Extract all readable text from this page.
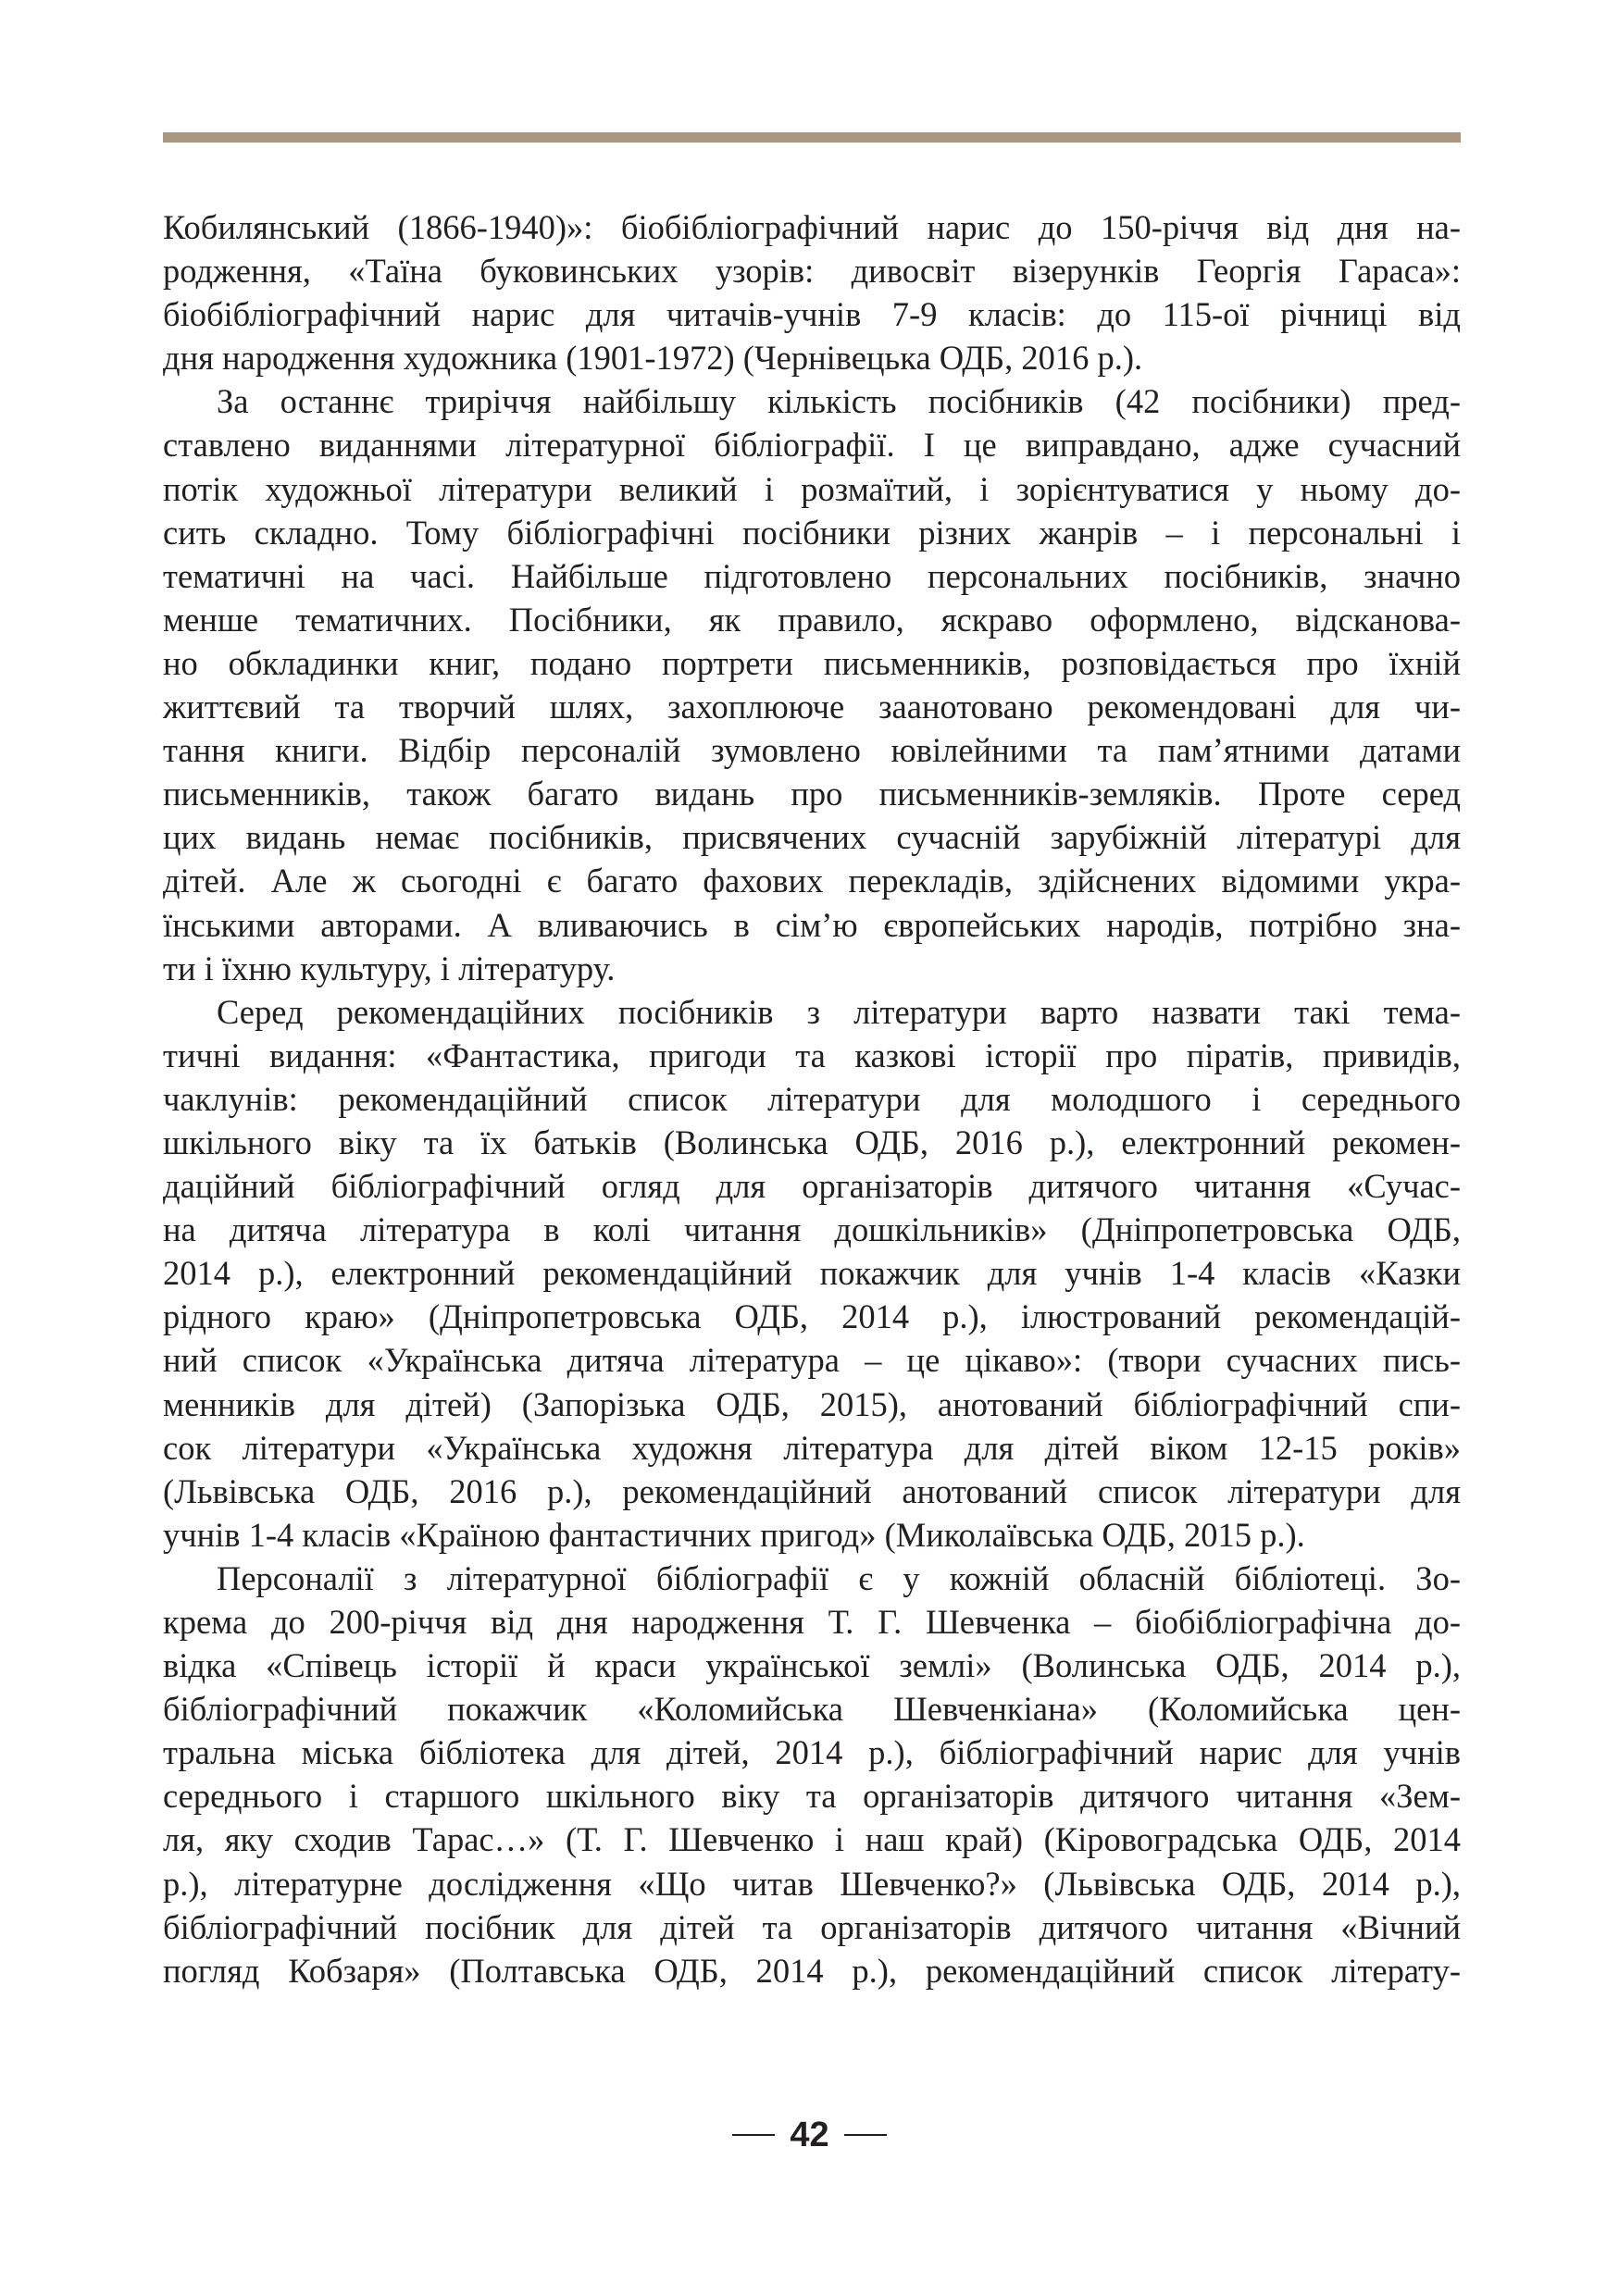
Кобилянський (1866-1940)»: біобібліографічний нарис до 150-річчя від дня на-
родження, «Таїна буковинських узорів: дивосвіт візерунків Георгія Гараса»:
біобібліографічний нарис для читачів-учнів 7-9 класів: до 115-ої річниці від
дня народження художника (1901-1972) (Чернівецька ОДБ, 2016 р.).
За останнє триріччя найбільшу кількість посібників (42 посібники) пред-
ставлено виданнями літературної бібліографії. І це виправдано, адже сучасний
потік художньої літератури великий і розмаїтий, і зорієнтуватися у ньому до-
сить складно. Тому бібліографічні посібники різних жанрів – і персональні і
тематичні на часі. Найбільше підготовлено персональних посібників, значно
менше тематичних. Посібники, як правило, яскраво оформлено, відсканова-
но обкладинки книг, подано портрети письменників, розповідається про їхній
життєвий та творчий шлях, захоплююче заанотовано рекомендовані для чи-
тання книги. Відбір персоналій зумовлено ювілейними та пам’ятними датами
письменників, також багато видань про письменників-земляків. Проте серед
цих видань немає посібників, присвячених сучасній зарубіжній літературі для
дітей. Але ж сьогодні є багато фахових перекладів, здійснених відомими укра-
їнськими авторами. А вливаючись в сім’ю європейських народів, потрібно зна-
ти і їхню культуру, і літературу.
Серед рекомендаційних посібників з літератури варто назвати такі тема-
тичні видання: «Фантастика, пригоди та казкові історії про піратів, привидів,
чаклунів: рекомендаційний список літератури для молодшого і середнього
шкільного віку та їх батьків (Волинська ОДБ, 2016 р.), електронний рекомен-
даційний бібліографічний огляд для організаторів дитячого читання «Сучас-
на дитяча література в колі читання дошкільників» (Дніпропетровська ОДБ,
2014 р.), електронний рекомендаційний покажчик для учнів 1-4 класів «Казки
рідного краю» (Дніпропетровська ОДБ, 2014 р.), ілюстрований рекомендацій-
ний список «Українська дитяча література – це цікаво»: (твори сучасних пись-
менників для дітей) (Запорізька ОДБ, 2015), анотований бібліографічний спи-
сок літератури «Українська художня література для дітей віком 12-15 років»
(Львівська ОДБ, 2016 р.), рекомендаційний анотований список літератури для
учнів 1-4 класів «Країною фантастичних пригод» (Миколаївська ОДБ, 2015 р.).
Персоналії з літературної бібліографії є у кожній обласній бібліотеці. Зо-
крема до 200-річчя від дня народження Т. Г. Шевченка – біобібліографічна до-
відка «Співець історії й краси української землі» (Волинська ОДБ, 2014 р.),
бібліографічний покажчик «Коломийська Шевченкіана» (Коломийська цен-
тральна міська бібліотека для дітей, 2014 р.), бібліографічний нарис для учнів
середнього і старшого шкільного віку та організаторів дитячого читання «Зем-
ля, яку сходив Тарас…» (Т. Г. Шевченко і наш край) (Кіровоградська ОДБ, 2014
р.), літературне дослідження «Що читав Шевченко?» (Львівська ОДБ, 2014 р.),
бібліографічний посібник для дітей та організаторів дитячого читання «Вічний
погляд Кобзаря» (Полтавська ОДБ, 2014 р.), рекомендаційний список літерату-
42
